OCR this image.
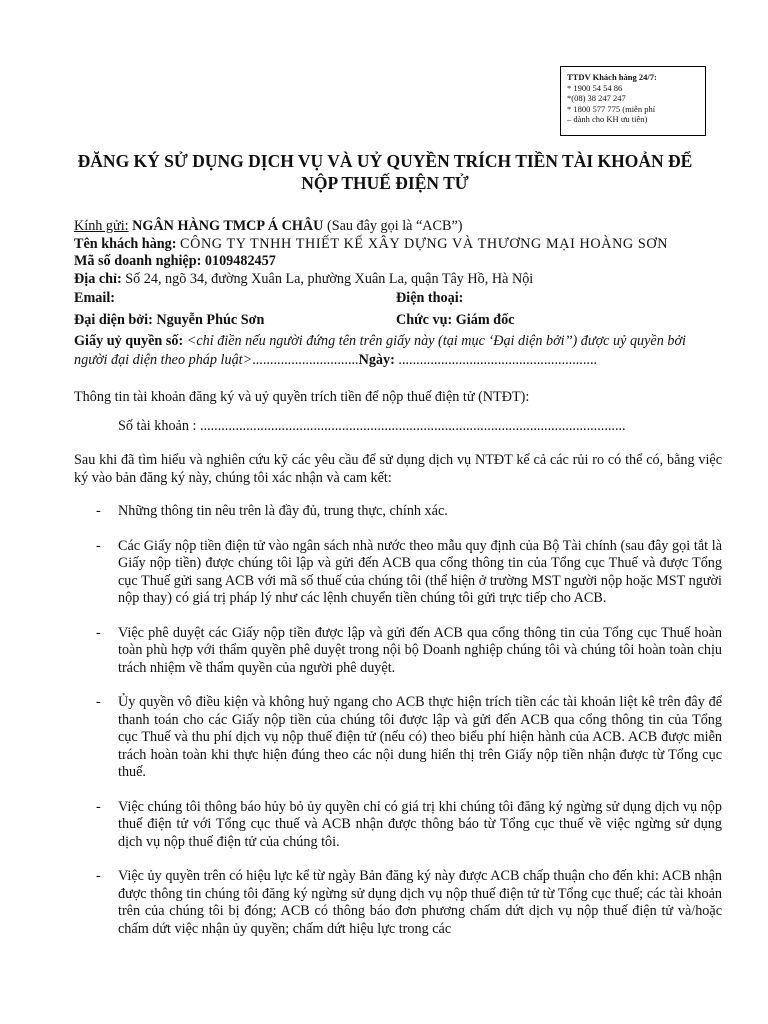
TTDV Khách hàng 24/7:
* 1900 54 54 86
*(08) 38 247 247
* 1800 577 775 (miễn phí
– dành cho KH ưu tiên)
ĐĂNG KÝ SỬ DỤNG DỊCH VỤ VÀ UỶ QUYỀN TRÍCH TIỀN TÀI KHOẢN ĐỂ NỘP THUẾ ĐIỆN TỬ

Kính gửi: NGÂN HÀNG TMCP Á CHÂU (Sau đây gọi là “ACB”)

Tên khách hàng: CÔNG TY TNHH THIẾT KẾ XÂY DỰNG VÀ THƯƠNG MẠI HOÀNG SƠN

Mã số doanh nghiệp: 0109482457

Địa chỉ: Số 24, ngõ 34, đường Xuân La, phường Xuân La, quận Tây Hồ, Hà Nội

Email:	Điện thoại:
Đại diện bởi: Nguyễn Phúc Sơn	Chức vụ: Giám đốc

Giấy uỷ quyền số: <chỉ điền nếu người đứng tên trên giấy này (tại mục ‘Đại diện bởi’’) được uỷ quyền bởi người đại diện theo pháp luật>..............................Ngày: ........................................................

Thông tin tài khoản đăng ký và uỷ quyền trích tiền để nộp thuế điện tử (NTĐT):

Số tài khoản : ........................................................................................................................

Sau khi đã tìm hiểu và nghiên cứu kỹ các yêu cầu để sử dụng dịch vụ NTĐT kể cả các rủi ro có thể có, bằng việc ký vào bản đăng ký này, chúng tôi xác nhận và cam kết:

- Những thông tin nêu trên là đầy đủ, trung thực, chính xác.
- Các Giấy nộp tiền điện tử vào ngân sách nhà nước theo mẫu quy định của Bộ Tài chính (sau đây gọi tắt là Giấy nộp tiền) được chúng tôi lập và gửi đến ACB qua cổng thông tin của Tổng cục Thuế và được Tổng cục Thuế gửi sang ACB với mã số thuế của chúng tôi (thể hiện ở trường MST người nộp hoặc MST người nộp thay) có giá trị pháp lý như các lệnh chuyển tiền chúng tôi gửi trực tiếp cho ACB.
- Việc phê duyệt các Giấy nộp tiền được lập và gửi đến ACB qua cổng thông tin của Tổng cục Thuế hoàn toàn phù hợp với thẩm quyền phê duyệt trong nội bộ Doanh nghiệp chúng tôi và chúng tôi hoàn toàn chịu trách nhiệm về thẩm quyền của người phê duyệt.
- Ủy quyền vô điều kiện và không huỷ ngang cho ACB thực hiện trích tiền các tài khoản liệt kê trên đây để thanh toán cho các Giấy nộp tiền của chúng tôi được lập và gửi đến ACB qua cổng thông tin của Tổng cục Thuế và thu phí dịch vụ nộp thuế điện tử (nếu có) theo biểu phí hiện hành của ACB. ACB được miễn trách hoàn toàn khi thực hiện đúng theo các nội dung hiển thị trên Giấy nộp tiền nhận được từ Tổng cục thuế.
- Việc chúng tôi thông báo hủy bỏ ủy quyền chỉ có giá trị khi chúng tôi đăng ký ngừng sử dụng dịch vụ nộp thuế điện tử với Tổng cục thuế và ACB nhận được thông báo từ Tổng cục thuế về việc ngừng sử dụng dịch vụ nộp thuế điện tử của chúng tôi.
- Việc ủy quyền trên có hiệu lực kể từ ngày Bản đăng ký này được ACB chấp thuận cho đến khi: ACB nhận được thông tin chúng tôi đăng ký ngừng sử dụng dịch vụ nộp thuế điện tử từ Tổng cục thuế; các tài khoản trên của chúng tôi bị đóng; ACB có thông báo đơn phương chấm dứt dịch vụ nộp thuế điện tử và/hoặc chấm dứt việc nhận ủy quyền; chấm dứt hiệu lực trong các
